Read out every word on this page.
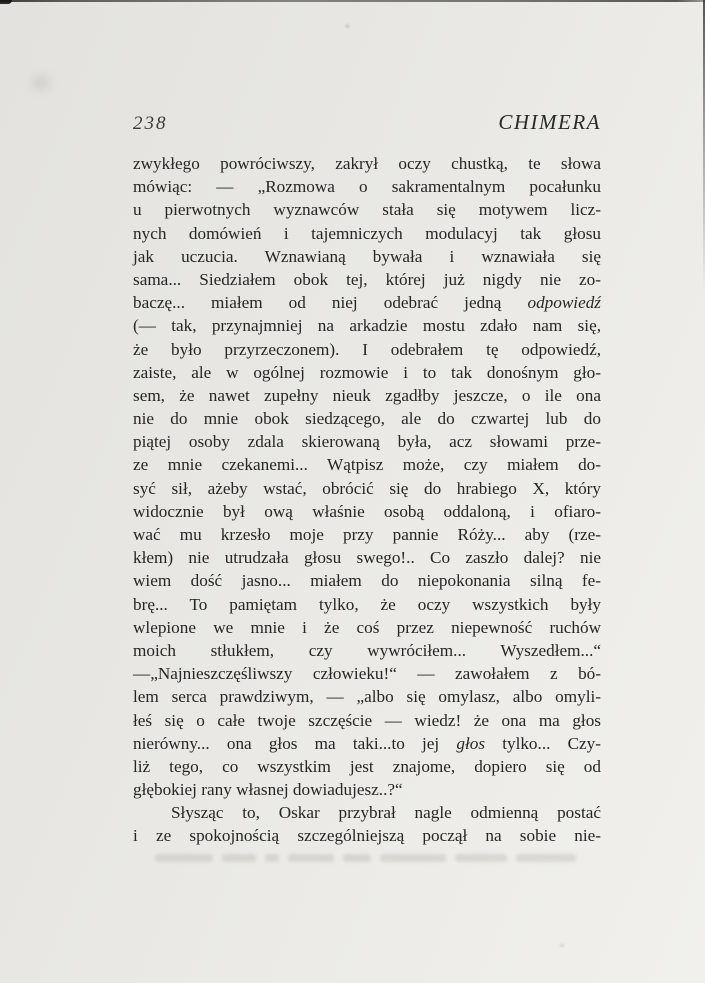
238	CHIMERA
zwykłego powróciwszy, zakrył oczy chustką, te słowa
mówiąc: — „Rozmowa o sakramentalnym pocałunku
u pierwotnych wyznawców stała się motywem licz-
nych domówień i tajemniczych modulacyj tak głosu
jak uczucia. Wznawianą bywała i wznawiała się
sama... Siedziałem obok tej, której już nigdy nie zo-
baczę... miałem od niej odebrać jedną odpowiedź
(— tak, przynajmniej na arkadzie mostu zdało nam się,
że było przyrzeczonem). I odebrałem tę odpowiedź,
zaiste, ale w ogólnej rozmowie i to tak donośnym gło-
sem, że nawet zupełny nieuk zgadłby jeszcze, o ile ona
nie do mnie obok siedzącego, ale do czwartej lub do
piątej osoby zdala skierowaną była, acz słowami prze-
ze mnie czekanemi... Wątpisz może, czy miałem do-
syć sił, ażeby wstać, obrócić się do hrabiego X, który
widocznie był ową właśnie osobą oddaloną, i ofiaro-
wać mu krzesło moje przy pannie Róży... aby (rze-
kłem) nie utrudzała głosu swego!.. Co zaszło dalej? nie
wiem dość jasno... miałem do niepokonania silną fe-
brę... To pamiętam tylko, że oczy wszystkich były
wlepione we mnie i że coś przez niepewność ruchów
moich stłukłem, czy wywróciłem... Wyszedłem...“
—„Najnieszczęśliwszy człowieku!“ — zawołałem z bó-
lem serca prawdziwym, — „albo się omylasz, albo omyli-
łeś się o całe twoje szczęście — wiedz! że ona ma głos
nierówny... ona głos ma taki...to jej głos tylko... Czy-
liż tego, co wszystkim jest znajome, dopiero się od
głębokiej rany własnej dowiadujesz..?“
Słysząc to, Oskar przybrał nagle odmienną postać
i ze spokojnością szczególniejszą począł na sobie nie-
